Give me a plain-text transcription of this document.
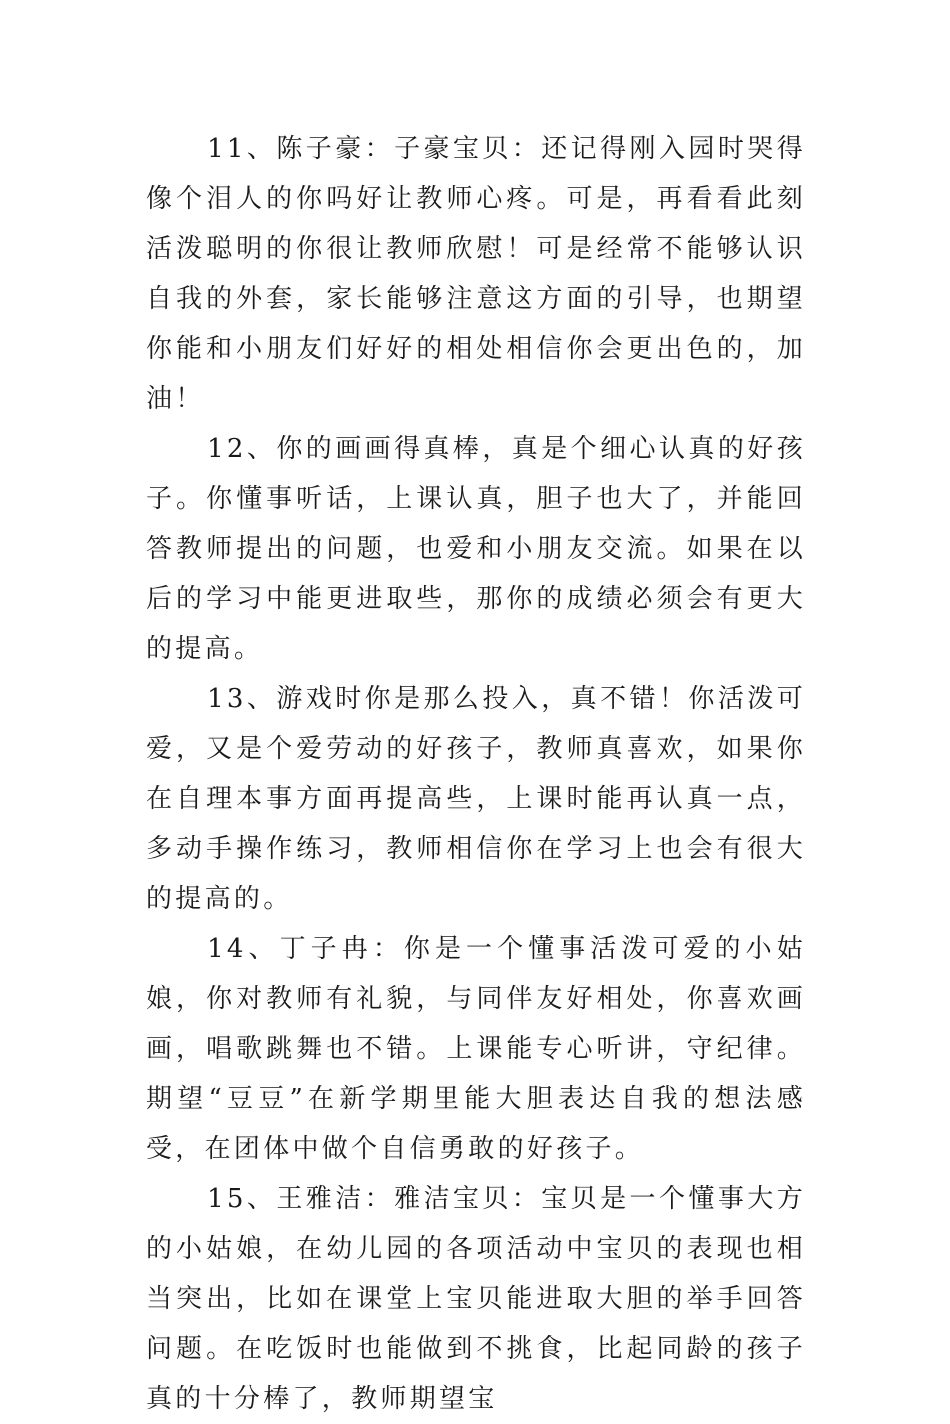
11、陈子豪：子豪宝贝：还记得刚入园时哭得像个泪人的你吗好让教师心疼。可是，再看看此刻活泼聪明的你很让教师欣慰！可是经常不能够认识自我的外套，家长能够注意这方面的引导，也期望你能和小朋友们好好的相处相信你会更出色的，加油！

12、你的画画得真棒，真是个细心认真的好孩子。你懂事听话，上课认真，胆子也大了，并能回答教师提出的问题，也爱和小朋友交流。如果在以后的学习中能更进取些，那你的成绩必须会有更大的提高。

13、游戏时你是那么投入，真不错！你活泼可爱，又是个爱劳动的好孩子，教师真喜欢，如果你在自理本事方面再提高些，上课时能再认真一点，多动手操作练习，教师相信你在学习上也会有很大的提高的。

14、丁子冉：你是一个懂事活泼可爱的小姑娘，你对教师有礼貌，与同伴友好相处，你喜欢画画，唱歌跳舞也不错。上课能专心听讲，守纪律。期望“豆豆”在新学期里能大胆表达自我的想法感受，在团体中做个自信勇敢的好孩子。

15、王雅洁：雅洁宝贝：宝贝是一个懂事大方的小姑娘，在幼儿园的各项活动中宝贝的表现也相当突出，比如在课堂上宝贝能进取大胆的举手回答问题。在吃饭时也能做到不挑食，比起同龄的孩子真的十分棒了，教师期望宝
